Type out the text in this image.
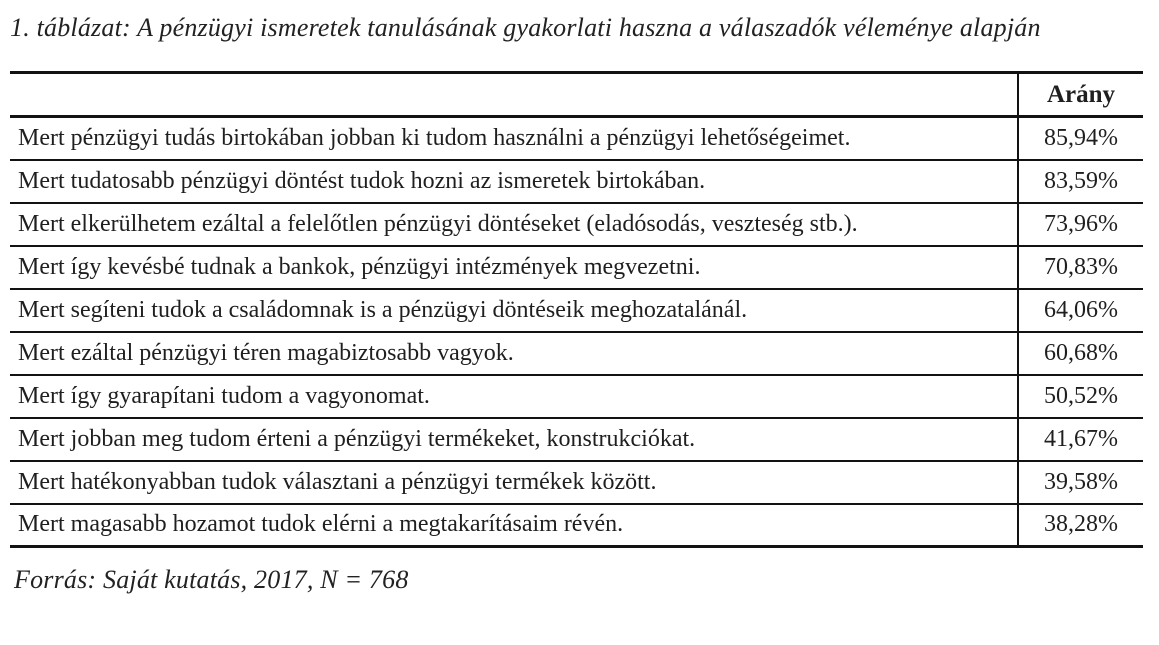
1. táblázat: A pénzügyi ismeretek tanulásának gyakorlati haszna a válaszadók véleménye alapján
	Arány
Mert pénzügyi tudás birtokában jobban ki tudom használni a pénzügyi lehetőségeimet.	85,94%
Mert tudatosabb pénzügyi döntést tudok hozni az ismeretek birtokában.	83,59%
Mert elkerülhetem ezáltal a felelőtlen pénzügyi döntéseket (eladósodás, veszteség stb.).	73,96%
Mert így kevésbé tudnak a bankok, pénzügyi intézmények megvezetni.	70,83%
Mert segíteni tudok a családomnak is a pénzügyi döntéseik meghozatalánál.	64,06%
Mert ezáltal pénzügyi téren magabiztosabb vagyok.	60,68%
Mert így gyarapítani tudom a vagyonomat.	50,52%
Mert jobban meg tudom érteni a pénzügyi termékeket, konstrukciókat.	41,67%
Mert hatékonyabban tudok választani a pénzügyi termékek között.	39,58%
Mert magasabb hozamot tudok elérni a megtakarításaim révén.	38,28%
Forrás: Saját kutatás, 2017, N = 768
